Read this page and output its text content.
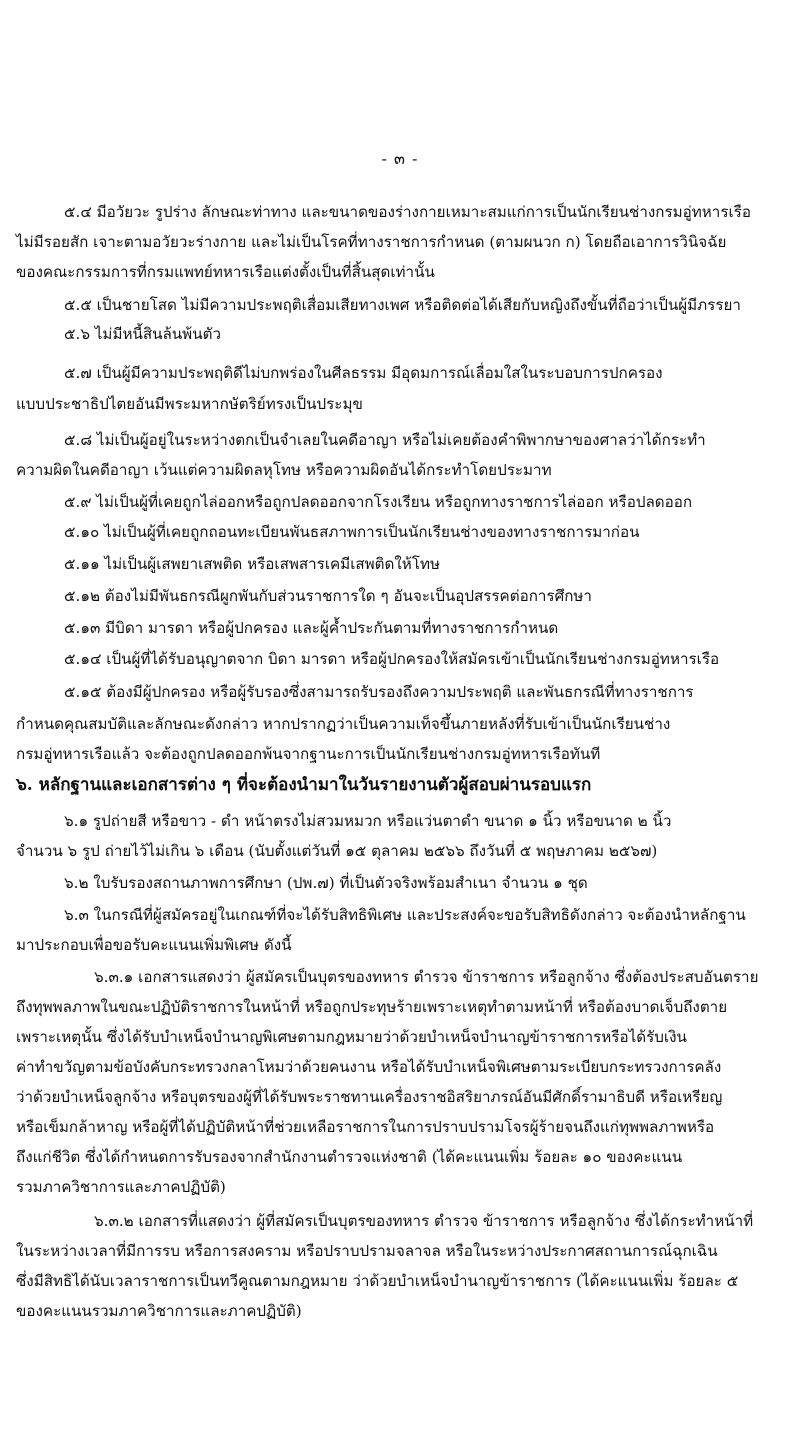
- ๓ -
๕.๔ มีอวัยวะ รูปร่าง ลักษณะท่าทาง และขนาดของร่างกายเหมาะสมแก่การเป็นนักเรียนช่างกรมอู่ทหารเรือ
ไม่มีรอยสัก เจาะตามอวัยวะร่างกาย และไม่เป็นโรคที่ทางราชการกำหนด (ตามผนวก ก) โดยถือเอาการวินิจฉัย
ของคณะกรรมการที่กรมแพทย์ทหารเรือแต่งตั้งเป็นที่สิ้นสุดเท่านั้น
๕.๕ เป็นชายโสด ไม่มีความประพฤติเสื่อมเสียทางเพศ หรือติดต่อได้เสียกับหญิงถึงขั้นที่ถือว่าเป็นผู้มีภรรยา
๕.๖ ไม่มีหนี้สินล้นพ้นตัว
๕.๗ เป็นผู้มีความประพฤติดีไม่บกพร่องในศีลธรรม มีอุดมการณ์เลื่อมใสในระบอบการปกครอง
แบบประชาธิปไตยอันมีพระมหากษัตริย์ทรงเป็นประมุข
๕.๘ ไม่เป็นผู้อยู่ในระหว่างตกเป็นจำเลยในคดีอาญา หรือไม่เคยต้องคำพิพากษาของศาลว่าได้กระทำ
ความผิดในคดีอาญา เว้นแต่ความผิดลหุโทษ หรือความผิดอันได้กระทำโดยประมาท
๕.๙ ไม่เป็นผู้ที่เคยถูกไล่ออกหรือถูกปลดออกจากโรงเรียน หรือถูกทางราชการไล่ออก หรือปลดออก
๕.๑๐ ไม่เป็นผู้ที่เคยถูกถอนทะเบียนพันธสภาพการเป็นนักเรียนช่างของทางราชการมาก่อน
๕.๑๑ ไม่เป็นผู้เสพยาเสพติด หรือเสพสารเคมีเสพติดให้โทษ
๕.๑๒ ต้องไม่มีพันธกรณีผูกพันกับส่วนราชการใด ๆ อันจะเป็นอุปสรรคต่อการศึกษา
๕.๑๓ มีบิดา มารดา หรือผู้ปกครอง และผู้ค้ำประกันตามที่ทางราชการกำหนด
๕.๑๔ เป็นผู้ที่ได้รับอนุญาตจาก บิดา มารดา หรือผู้ปกครองให้สมัครเข้าเป็นนักเรียนช่างกรมอู่ทหารเรือ
๕.๑๕ ต้องมีผู้ปกครอง หรือผู้รับรองซึ่งสามารถรับรองถึงความประพฤติ และพันธกรณีที่ทางราชการ
กำหนดคุณสมบัติและลักษณะดังกล่าว หากปรากฏว่าเป็นความเท็จขึ้นภายหลังที่รับเข้าเป็นนักเรียนช่าง
กรมอู่ทหารเรือแล้ว จะต้องถูกปลดออกพ้นจากฐานะการเป็นนักเรียนช่างกรมอู่ทหารเรือทันที
๖. หลักฐานและเอกสารต่าง ๆ ที่จะต้องนำมาในวันรายงานตัวผู้สอบผ่านรอบแรก
๖.๑ รูปถ่ายสี หรือขาว - ดำ หน้าตรงไม่สวมหมวก หรือแว่นตาดำ ขนาด ๑ นิ้ว หรือขนาด ๒ นิ้ว
จำนวน ๖ รูป ถ่ายไว้ไม่เกิน ๖ เดือน (นับตั้งแต่วันที่ ๑๕ ตุลาคม ๒๕๖๖ ถึงวันที่ ๕ พฤษภาคม ๒๕๖๗)
๖.๒ ใบรับรองสถานภาพการศึกษา (ปพ.๗) ที่เป็นตัวจริงพร้อมสำเนา จำนวน ๑ ชุด
๖.๓ ในกรณีที่ผู้สมัครอยู่ในเกณฑ์ที่จะได้รับสิทธิพิเศษ และประสงค์จะขอรับสิทธิดังกล่าว จะต้องนำหลักฐาน
มาประกอบเพื่อขอรับคะแนนเพิ่มพิเศษ ดังนี้
๖.๓.๑ เอกสารแสดงว่า ผู้สมัครเป็นบุตรของทหาร ตำรวจ ข้าราชการ หรือลูกจ้าง ซึ่งต้องประสบอันตราย
ถึงทุพพลภาพในขณะปฏิบัติราชการในหน้าที่ หรือถูกประทุษร้ายเพราะเหตุทำตามหน้าที่ หรือต้องบาดเจ็บถึงตาย
เพราะเหตุนั้น ซึ่งได้รับบำเหน็จบำนาญพิเศษตามกฎหมายว่าด้วยบำเหน็จบำนาญข้าราชการหรือได้รับเงิน
ค่าทำขวัญตามข้อบังคับกระทรวงกลาโหมว่าด้วยคนงาน หรือได้รับบำเหน็จพิเศษตามระเบียบกระทรวงการคลัง
ว่าด้วยบำเหน็จลูกจ้าง หรือบุตรของผู้ที่ได้รับพระราชทานเครื่องราชอิสริยาภรณ์อันมีศักดิ์รามาธิบดี หรือเหรียญ
หรือเข็มกล้าหาญ หรือผู้ที่ได้ปฏิบัติหน้าที่ช่วยเหลือราชการในการปราบปรามโจรผู้ร้ายจนถึงแก่ทุพพลภาพหรือ
ถึงแก่ชีวิต ซึ่งได้กำหนดการรับรองจากสำนักงานตำรวจแห่งชาติ (ได้คะแนนเพิ่ม ร้อยละ ๑๐ ของคะแนน
รวมภาควิชาการและภาคปฏิบัติ)
๖.๓.๒ เอกสารที่แสดงว่า ผู้ที่สมัครเป็นบุตรของทหาร ตำรวจ ข้าราชการ หรือลูกจ้าง ซึ่งได้กระทำหน้าที่
ในระหว่างเวลาที่มีการรบ หรือการสงคราม หรือปราบปรามจลาจล หรือในระหว่างประกาศสถานการณ์ฉุกเฉิน
ซึ่งมีสิทธิได้นับเวลาราชการเป็นทวีคูณตามกฎหมาย ว่าด้วยบำเหน็จบำนาญข้าราชการ (ได้คะแนนเพิ่ม ร้อยละ ๕
ของคะแนนรวมภาควิชาการและภาคปฏิบัติ)
